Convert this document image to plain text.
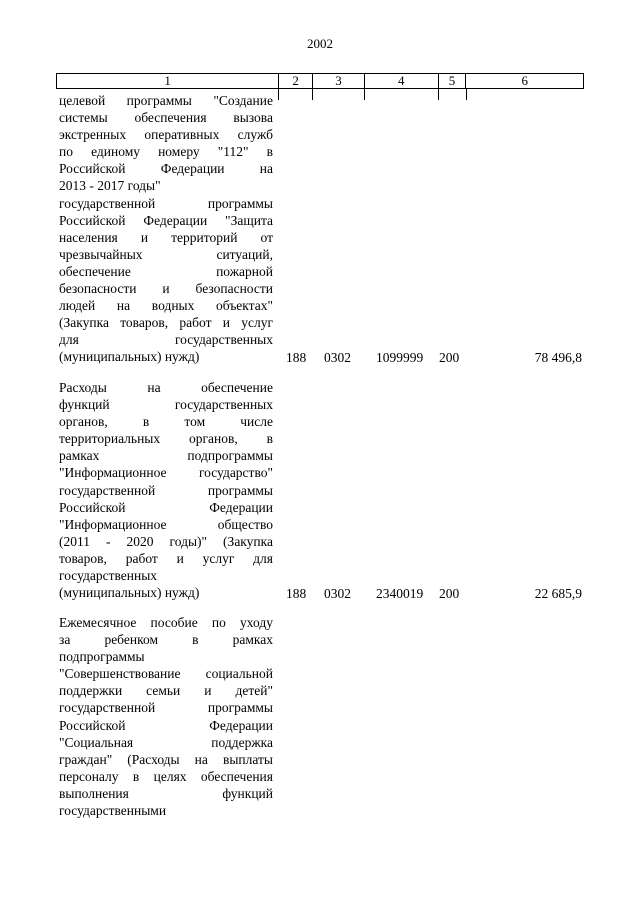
2002
1	2	3	4	5	6
целевой программы "Создание
системы обеспечения вызова
экстренных оперативных служб
по единому номеру "112" в
Российской Федерации на
2013 - 2017 годы"
государственной программы
Российской Федерации "Защита
населения и территорий от
чрезвычайных ситуаций,
обеспечение пожарной
безопасности и безопасности
людей на водных объектах"
(Закупка товаров, работ и услуг
для государственных
(муниципальных) нужд)	188 0302 1099999 200	78 496,8
Расходы на обеспечение
функций государственных
органов, в том числе
территориальных органов, в
рамках подпрограммы
"Информационное государство"
государственной программы
Российской Федерации
"Информационное общество
(2011 - 2020 годы)" (Закупка
товаров, работ и услуг для
государственных
(муниципальных) нужд)	188 0302 2340019 200	22 685,9
Ежемесячное пособие по уходу
за ребенком в рамках
подпрограммы
"Совершенствование социальной
поддержки семьи и детей"
государственной программы
Российской Федерации
"Социальная поддержка
граждан" (Расходы на выплаты
персоналу в целях обеспечения
выполнения функций
государственными
